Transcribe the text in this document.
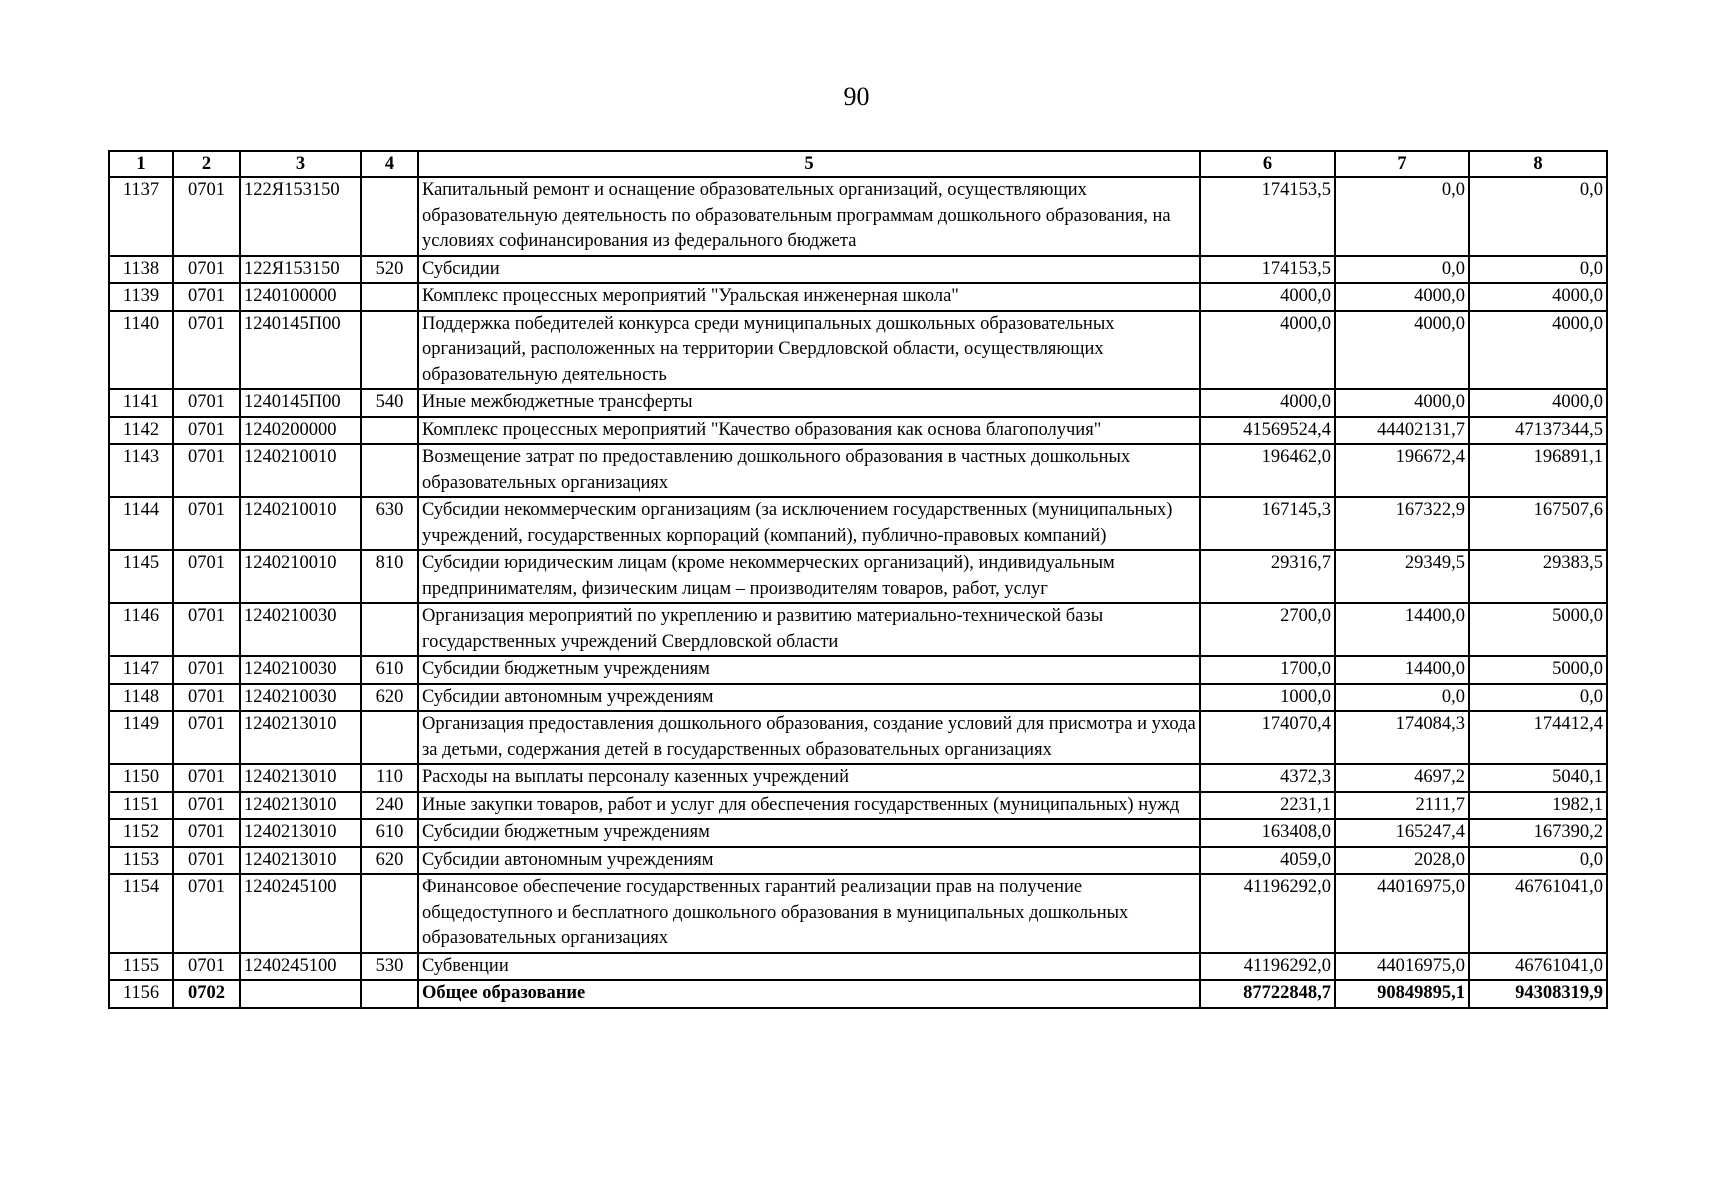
90
1	2	3	4	5	6	7	8
1137	0701	122Я153150		Капитальный ремонт и оснащение образовательных организаций, осуществляющих образовательную деятельность по образовательным программам дошкольного образования, на условиях софинансирования из федерального бюджета	174153,5	0,0	0,0
1138	0701	122Я153150	520	Субсидии	174153,5	0,0	0,0
1139	0701	1240100000		Комплекс процессных мероприятий "Уральская инженерная школа"	4000,0	4000,0	4000,0
1140	0701	1240145П00		Поддержка победителей конкурса среди муниципальных дошкольных образовательных организаций, расположенных на территории Свердловской области, осуществляющих образовательную деятельность	4000,0	4000,0	4000,0
1141	0701	1240145П00	540	Иные межбюджетные трансферты	4000,0	4000,0	4000,0
1142	0701	1240200000		Комплекс процессных мероприятий "Качество образования как основа благополучия"	41569524,4	44402131,7	47137344,5
1143	0701	1240210010		Возмещение затрат по предоставлению дошкольного образования в частных дошкольных образовательных организациях	196462,0	196672,4	196891,1
1144	0701	1240210010	630	Субсидии некоммерческим организациям (за исключением государственных (муниципальных) учреждений, государственных корпораций (компаний), публично-правовых компаний)	167145,3	167322,9	167507,6
1145	0701	1240210010	810	Субсидии юридическим лицам (кроме некоммерческих организаций), индивидуальным предпринимателям, физическим лицам – производителям товаров, работ, услуг	29316,7	29349,5	29383,5
1146	0701	1240210030		Организация мероприятий по укреплению и развитию материально-технической базы государственных учреждений Свердловской области	2700,0	14400,0	5000,0
1147	0701	1240210030	610	Субсидии бюджетным учреждениям	1700,0	14400,0	5000,0
1148	0701	1240210030	620	Субсидии автономным учреждениям	1000,0	0,0	0,0
1149	0701	1240213010		Организация предоставления дошкольного образования, создание условий для присмотра и ухода за детьми, содержания детей в государственных образовательных организациях	174070,4	174084,3	174412,4
1150	0701	1240213010	110	Расходы на выплаты персоналу казенных учреждений	4372,3	4697,2	5040,1
1151	0701	1240213010	240	Иные закупки товаров, работ и услуг для обеспечения государственных (муниципальных) нужд	2231,1	2111,7	1982,1
1152	0701	1240213010	610	Субсидии бюджетным учреждениям	163408,0	165247,4	167390,2
1153	0701	1240213010	620	Субсидии автономным учреждениям	4059,0	2028,0	0,0
1154	0701	1240245100		Финансовое обеспечение государственных гарантий реализации прав на получение общедоступного и бесплатного дошкольного образования в муниципальных дошкольных образовательных организациях	41196292,0	44016975,0	46761041,0
1155	0701	1240245100	530	Субвенции	41196292,0	44016975,0	46761041,0
1156	0702			Общее образование	87722848,7	90849895,1	94308319,9
